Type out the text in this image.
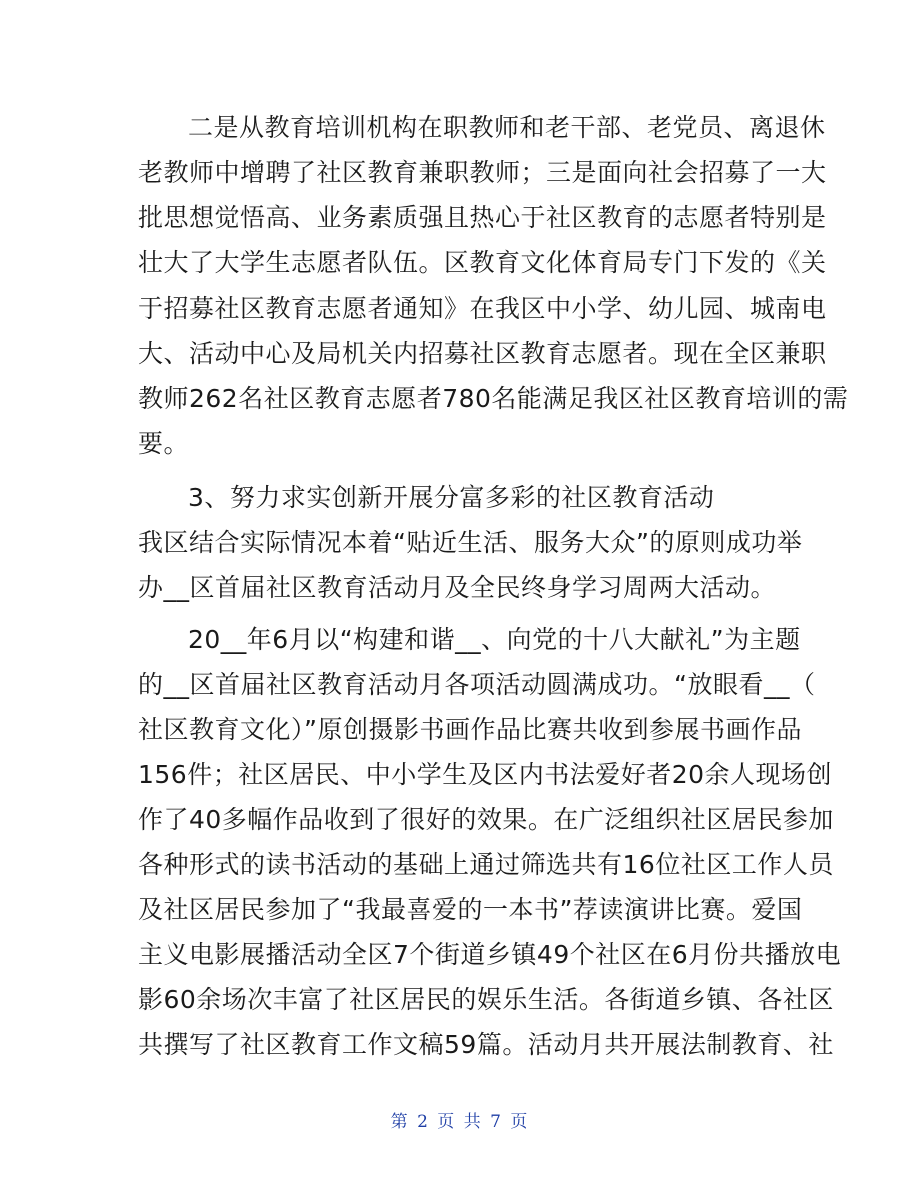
二是从教育培训机构在职教师和老干部、老党员、离退休
老教师中增聘了社区教育兼职教师；三是面向社会招募了一大
批思想觉悟高、业务素质强且热心于社区教育的志愿者特别是
壮大了大学生志愿者队伍。区教育文化体育局专门下发的《关
于招募社区教育志愿者通知》在我区中小学、幼儿园、城南电
大、活动中心及局机关内招募社区教育志愿者。现在全区兼职
教师262名社区教育志愿者780名能满足我区社区教育培训的需
要。
3、努力求实创新开展分富多彩的社区教育活动
我区结合实际情况本着“贴近生活、服务大众”的原则成功举
办__区首届社区教育活动月及全民终身学习周两大活动。
20__年6月以“构建和谐__、向党的十八大献礼”为主题
的__区首届社区教育活动月各项活动圆满成功。“放眼看__（
社区教育文化）”原创摄影书画作品比赛共收到参展书画作品
156件；社区居民、中小学生及区内书法爱好者20余人现场创
作了40多幅作品收到了很好的效果。在广泛组织社区居民参加
各种形式的读书活动的基础上通过筛选共有16位社区工作人员
及社区居民参加了“我最喜爱的一本书”荐读演讲比赛。爱国
主义电影展播活动全区7个街道乡镇49个社区在6月份共播放电
影60余场次丰富了社区居民的娱乐生活。各街道乡镇、各社区
共撰写了社区教育工作文稿59篇。活动月共开展法制教育、社
第 2 页 共 7 页
